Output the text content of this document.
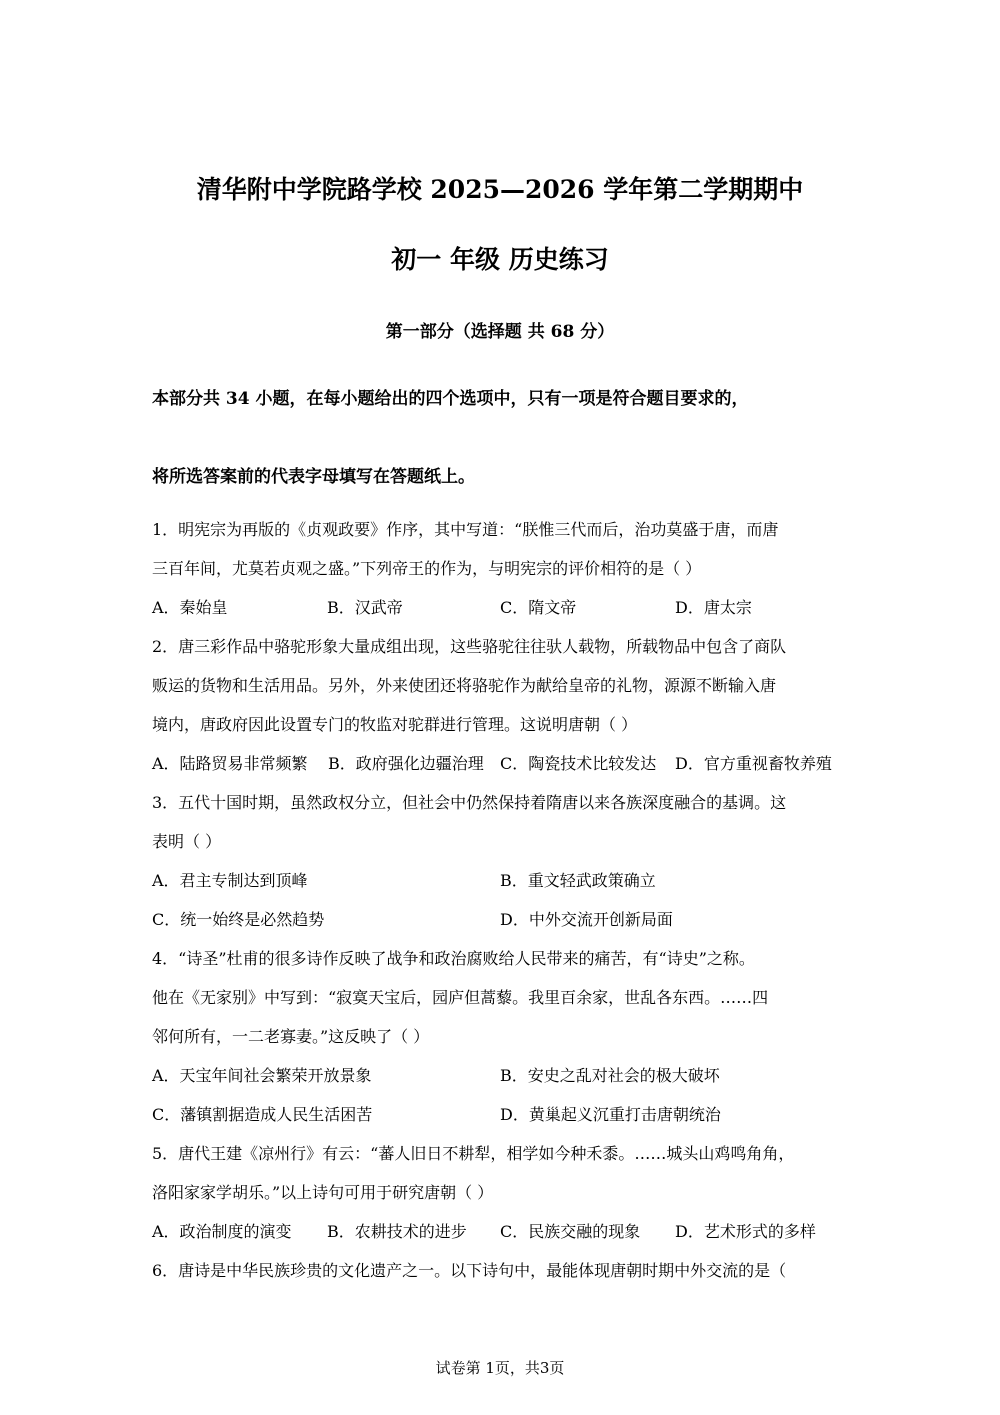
清华附中学院路学校 2025—2026 学年第二学期期中
初一 年级 历史练习
第一部分（选择题 共 68 分）
本部分共 34 小题，在每小题给出的四个选项中，只有一项是符合题目要求的，
将所选答案前的代表字母填写在答题纸上。
1．明宪宗为再版的《贞观政要》作序，其中写道：“朕惟三代而后，治功莫盛于唐，而唐
三百年间，尤莫若贞观之盛。”下列帝王的作为，与明宪宗的评价相符的是（ ）
A．秦始皇	B．汉武帝	C．隋文帝	D．唐太宗
2．唐三彩作品中骆驼形象大量成组出现，这些骆驼往往驮人载物，所载物品中包含了商队
贩运的货物和生活用品。另外，外来使团还将骆驼作为献给皇帝的礼物，源源不断输入唐
境内，唐政府因此设置专门的牧监对驼群进行管理。这说明唐朝（ ）
A．陆路贸易非常频繁 B．政府强化边疆治理 C．陶瓷技术比较发达 D．官方重视畜牧养殖
3．五代十国时期，虽然政权分立，但社会中仍然保持着隋唐以来各族深度融合的基调。这
表明（ ）
A．君主专制达到顶峰	B．重文轻武政策确立
C．统一始终是必然趋势	D．中外交流开创新局面
4．“诗圣”杜甫的很多诗作反映了战争和政治腐败给人民带来的痛苦，有“诗史”之称。
他在《无家别》中写到：“寂寞天宝后，园庐但蒿藜。我里百余家，世乱各东西。……四
邻何所有，一二老寡妻。”这反映了（ ）
A．天宝年间社会繁荣开放景象	B．安史之乱对社会的极大破坏
C．藩镇割据造成人民生活困苦	D．黄巢起义沉重打击唐朝统治
5．唐代王建《凉州行》有云：“蕃人旧日不耕犁，相学如今种禾黍。……城头山鸡鸣角角，
洛阳家家学胡乐。”以上诗句可用于研究唐朝（ ）
A．政治制度的演变 B．农耕技术的进步 C．民族交融的现象 D．艺术形式的多样
6．唐诗是中华民族珍贵的文化遗产之一。以下诗句中，最能体现唐朝时期中外交流的是（
试卷第 1页，共3页
